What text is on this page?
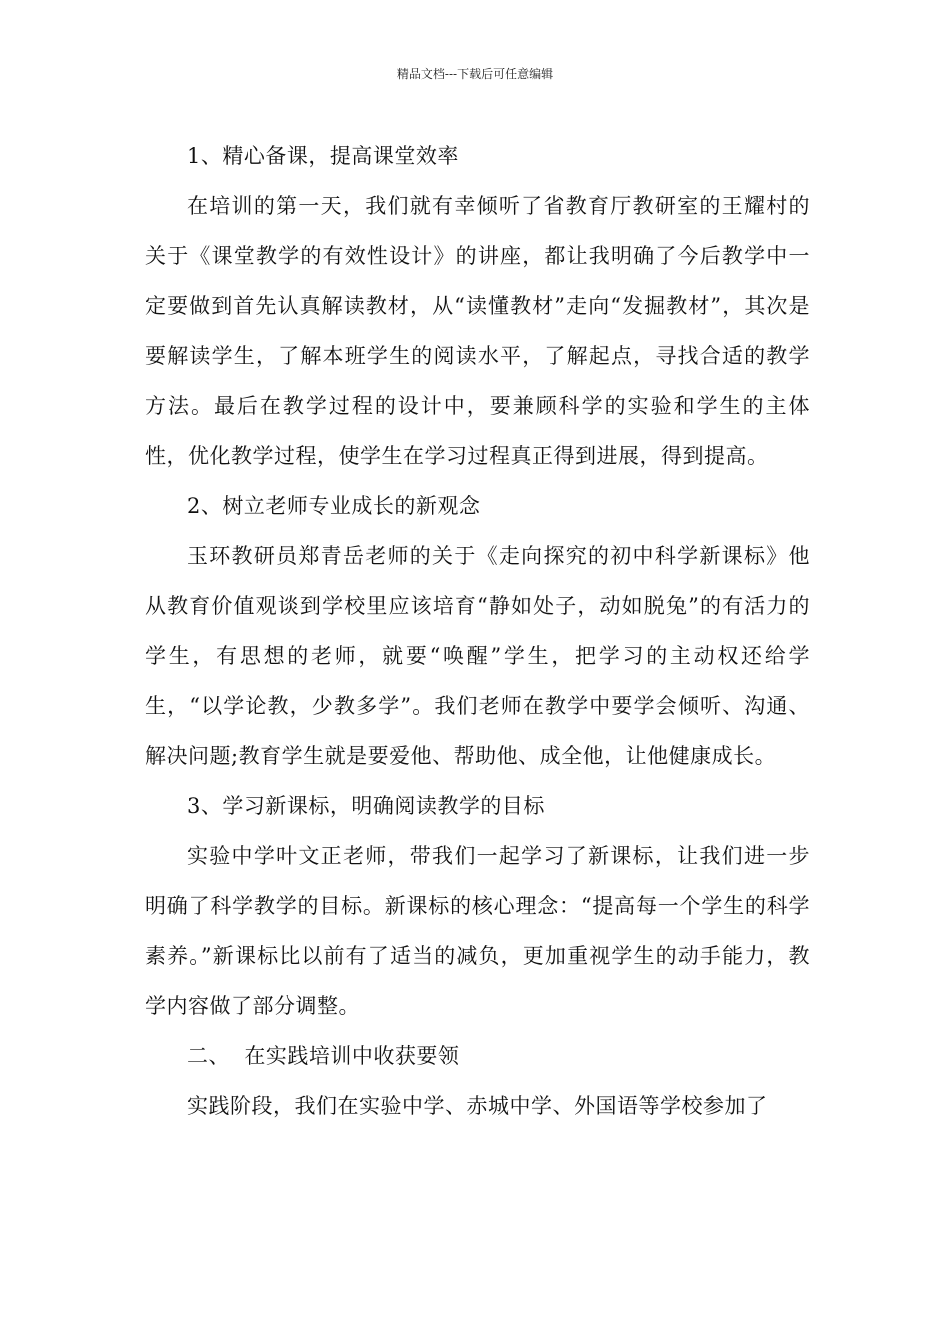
精品文档---下载后可任意编辑

1、精心备课，提高课堂效率

在培训的第一天，我们就有幸倾听了省教育厅教研室的王耀村的关于《课堂教学的有效性设计》的讲座，都让我明确了今后教学中一定要做到首先认真解读教材，从“读懂教材”走向“发掘教材”，其次是要解读学生，了解本班学生的阅读水平，了解起点，寻找合适的教学方法。最后在教学过程的设计中，要兼顾科学的实验和学生的主体性，优化教学过程，使学生在学习过程真正得到进展，得到提高。

2、树立老师专业成长的新观念

玉环教研员郑青岳老师的关于《走向探究的初中科学新课标》他从教育价值观谈到学校里应该培育“静如处子，动如脱兔”的有活力的学生，有思想的老师，就要“唤醒”学生，把学习的主动权还给学生，“以学论教，少教多学”。我们老师在教学中要学会倾听、沟通、解决问题;教育学生就是要爱他、帮助他、成全他，让他健康成长。

3、学习新课标，明确阅读教学的目标

实验中学叶文正老师，带我们一起学习了新课标，让我们进一步明确了科学教学的目标。新课标的核心理念：“提高每一个学生的科学素养。”新课标比以前有了适当的减负，更加重视学生的动手能力，教学内容做了部分调整。

二、  在实践培训中收获要领

实践阶段，我们在实验中学、赤城中学、外国语等学校参加了
